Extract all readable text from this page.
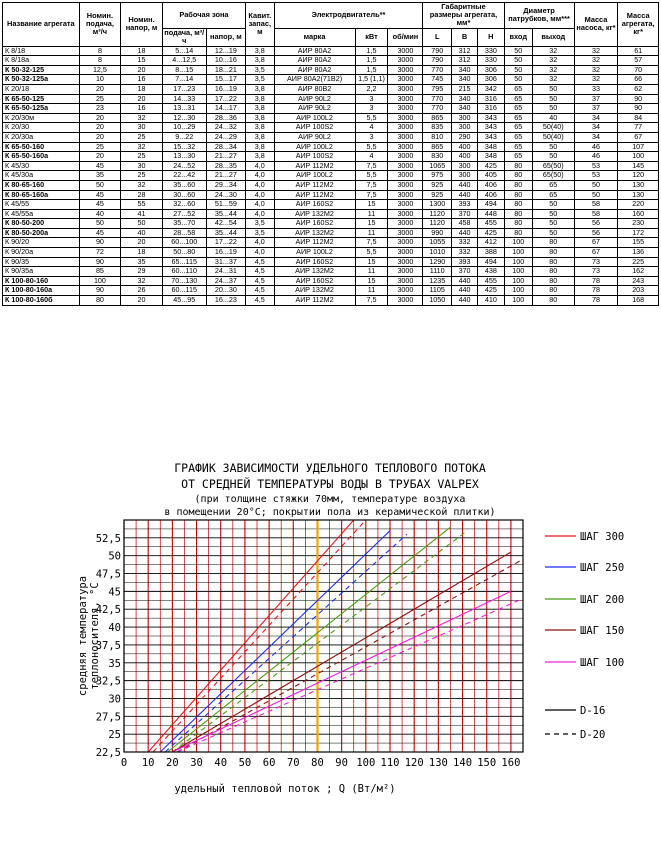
Название агрегата	Номин. подача, м³/ч	Номин. напор, м	Рабочая зона		Кавит. запас, м	Электродвигатель**			Габаритные размеры агрегата, мм*			Диаметр патрубков, мм***		Масса насоса, кг*	Масса агрегата, кг*
			подача, м³/ч	напор, м		марка	кВт	об/мин	L	B	H	вход	выход		
К 8/18	8	18	5...14	12...19	3,8	АИР 80А2	1,5	3000	790	312	330	50	32	32	61
К 8/18а	8	15	4...12,5	10...16	3,8	АИР 80А2	1,5	3000	790	312	330	50	32	32	57
К 50-32-125	12,5	20	8...15	18...21	3,5	АИР 80А2	1,5	3000	770	340	306	50	32	32	70
К 50-32-125а	10	16	7...14	15...17	3,5	АИР 80А2(71В2)	1,5 (1,1)	3000	745	340	306	50	32	32	66
К 20/18	20	18	17...23	16...19	3,8	АИР 80В2	2,2	3000	795	215	342	65	50	33	62
К 65-50-125	25	20	14...33	17...22	3,8	АИР 90L2	3	3000	770	340	316	65	50	37	90
К 65-50-125а	23	16	13...31	14...17	3,8	АИР 90L2	3	3000	770	340	316	65	50	37	90
К 20/30м	20	32	12...30	28...36	3,8	АИР 100L2	5,5	3000	865	300	343	65	40	34	84
К 20/30	20	30	10...29	24...32	3,8	АИР 100S2	4	3000	835	300	343	65	50(40)	34	77
К 20/30а	20	25	9...22	24...29	3,8	АИР 90L2	3	3000	810	290	343	65	50(40)	34	67
К 65-50-160	25	32	15...32	28...34	3,8	АИР 100L2	5,5	3000	865	400	348	65	50	46	107
К 65-50-160а	20	25	13...30	21...27	3,8	АИР 100S2	4	3000	830	400	348	65	50	46	100
К 45/30	45	30	24...52	28...35	4,0	АИР 112М2	7,5	3000	1065	300	425	80	65(50)	53	145
К 45/30а	35	25	22...42	21...27	4,0	АИР 100L2	5,5	3000	975	300	405	80	65(50)	53	120
К 80-65-160	50	32	35...60	29...34	4,0	АИР 112М2	7,5	3000	925	440	406	80	65	50	130
К 80-65-160а	45	28	30...60	24...30	4,0	АИР 112М2	7,5	3000	925	440	406	80	65	50	130
К 45/55	45	55	32...60	51...59	4,0	АИР 160S2	15	3000	1300	393	494	80	50	58	220
К 45/55а	40	41	27...52	35...44	4,0	АИР 132М2	11	3000	1120	370	448	80	50	58	160
К 80-50-200	50	50	35...70	42...54	3,5	АИР 160S2	15	3000	1120	458	455	80	50	56	230
К 80-50-200а	45	40	28...58	35...44	3,5	АИР 132М2	11	3000	990	440	425	80	50	56	172
К 90/20	90	20	60...100	17...22	4,0	АИР 112М2	7,5	3000	1055	332	412	100	80	67	155
К 90/20а	72	18	50...80	16...19	4,0	АИР 100L2	5,5	3000	1010	332	388	100	80	67	136
К 90/35	90	35	65...115	31...37	4,5	АИР 160S2	15	3000	1290	393	494	100	80	73	225
К 90/35а	85	29	60...110	24...31	4,5	АИР 132М2	11	3000	1110	370	438	100	80	73	162
К 100-80-160	100	32	70...130	24...37	4,5	АИР 160S2	15	3000	1235	440	455	100	80	78	243
К 100-80-160а	90	26	60...115	20...30	4,5	АИР 132М2	11	3000	1105	440	425	100	80	78	203
К 100-80-160б	80	20	45...95	16...23	4,5	АИР 112М2	7,5	3000	1050	440	410	100	80	78	168
ГРАФИК ЗАВИСИМОСТИ УДЕЛЬНОГО ТЕПЛОВОГО ПОТОКА
ОТ СРЕДНЕЙ ТЕМПЕРАТУРЫ ВОДЫ В ТРУБАХ VALPEX
(при толщине стяжки 70мм, температуре воздуха
в помещении 20°С; покрытии пола из керамической плитки)
0 10 20 30 40 50 60 70 80 90 100 110 120 130 140 150 160
22,5
25
27,5
30
32,5
35
37,5
40
42,5
45
47,5
50
52,5
удельный тепловой поток ; Q (Вт/м²)
средняя температура теплоносителя, °С
ШАГ 300
ШАГ 250
ШАГ 200
ШАГ 150
ШАГ 100
D-16
D-20
